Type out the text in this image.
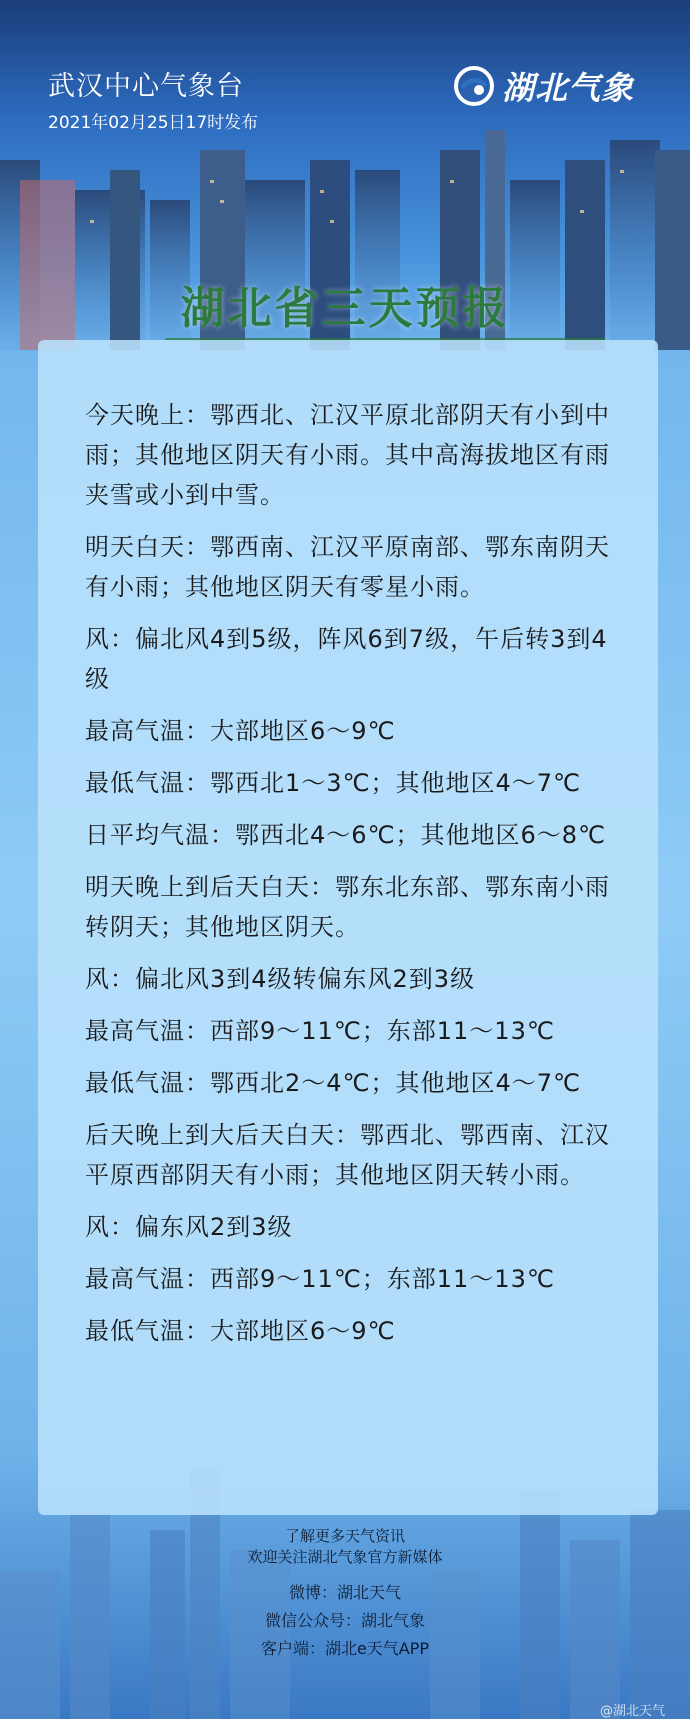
武汉中心气象台
2021年02月25日17时发布
湖北气象
湖北省三天预报

今天晚上：鄂西北、江汉平原北部阴天有小到中雨；其他地区阴天有小雨。其中高海拔地区有雨夹雪或小到中雪。

明天白天：鄂西南、江汉平原南部、鄂东南阴天有小雨；其他地区阴天有零星小雨。

风：偏北风4到5级，阵风6到7级，午后转3到4级

最高气温：大部地区6～9℃

最低气温：鄂西北1～3℃；其他地区4～7℃

日平均气温：鄂西北4～6℃；其他地区6～8℃

明天晚上到后天白天：鄂东北东部、鄂东南小雨转阴天；其他地区阴天。

风：偏北风3到4级转偏东风2到3级

最高气温：西部9～11℃；东部11～13℃

最低气温：鄂西北2～4℃；其他地区4～7℃

后天晚上到大后天白天：鄂西北、鄂西南、江汉平原西部阴天有小雨；其他地区阴天转小雨。

风：偏东风2到3级

最高气温：西部9～11℃；东部11～13℃

最低气温：大部地区6～9℃

了解更多天气资讯
欢迎关注湖北气象官方新媒体
微博：湖北天气
微信公众号：湖北气象
客户端：湖北e天气APP
@湖北天气
